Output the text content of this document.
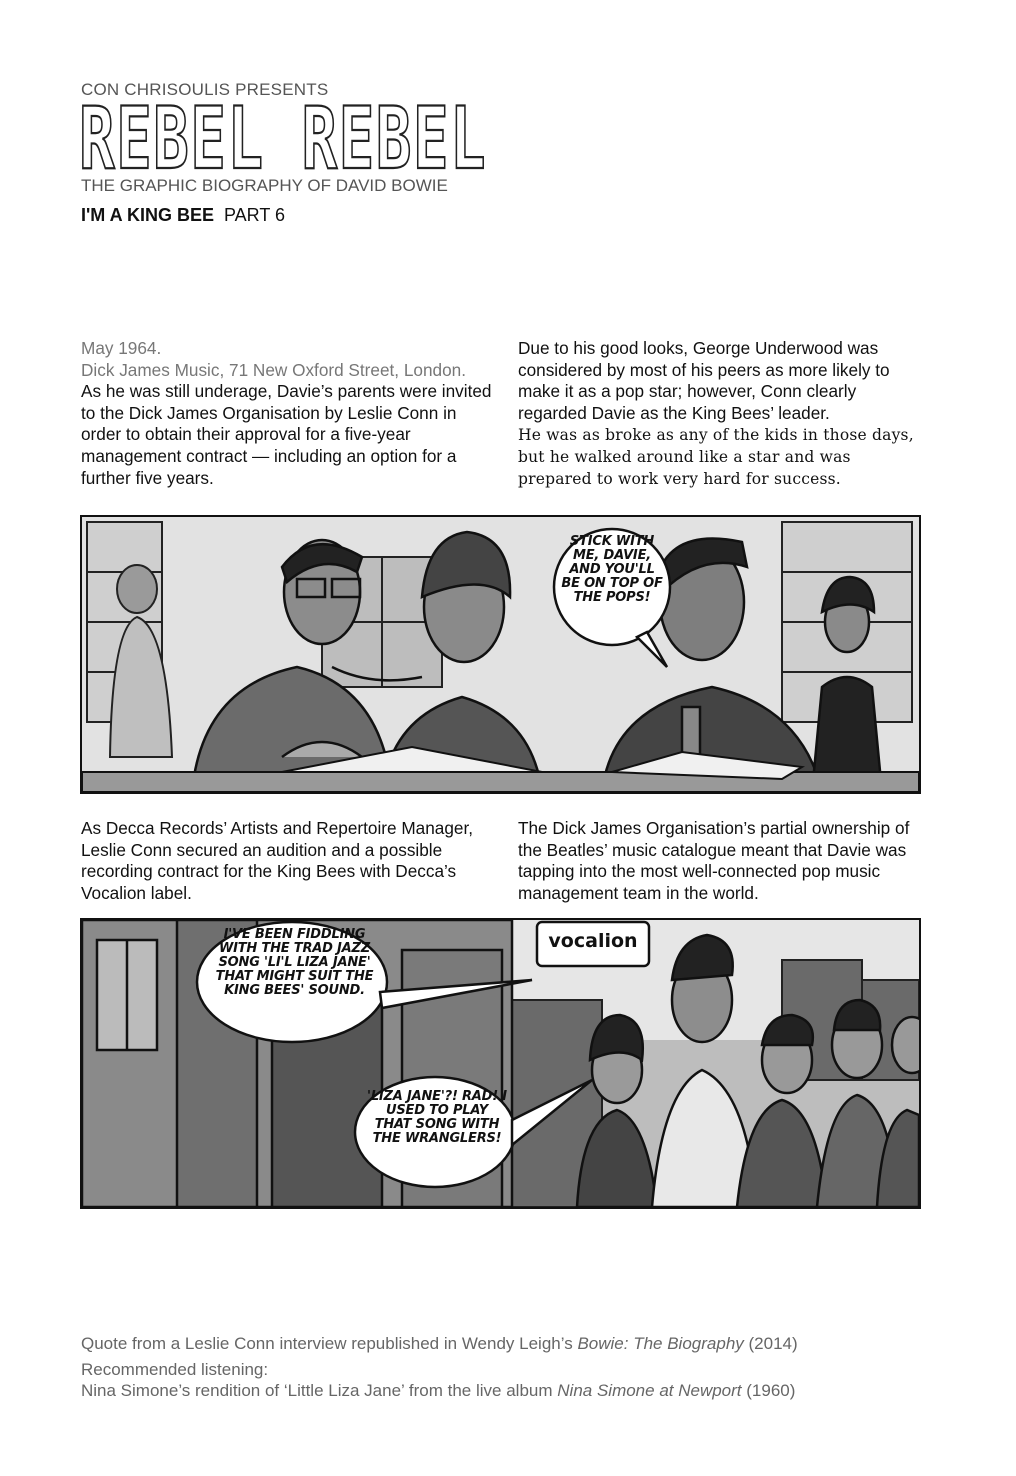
CON CHRISOULIS PRESENTS
REBEL REBEL
THE GRAPHIC BIOGRAPHY OF DAVID BOWIE
I'M A KING BEE PART 6
May 1964.
Dick James Music, 71 New Oxford Street, London.
As he was still underage, Davie’s parents were invited to the Dick James Organisation by Leslie Conn in order to obtain their approval for a five-year management contract — including an option for a further five years.
Due to his good looks, George Underwood was considered by most of his peers as more likely to make it as a pop star; however, Conn clearly regarded Davie as the King Bees’ leader.
He was as broke as any of the kids in those days, but he walked around like a star and was prepared to work very hard for success.
STICK WITH ME, DAVIE, AND YOU'LL BE ON TOP OF THE POPS!
As Decca Records’ Artists and Repertoire Manager, Leslie Conn secured an audition and a possible recording contract for the King Bees with Decca’s Vocalion label.
The Dick James Organisation’s partial ownership of the Beatles’ music catalogue meant that Davie was tapping into the most well-connected pop music management team in the world.
vocalion
I'VE BEEN FIDDLING WITH THE TRAD JAZZ SONG 'LI'L LIZA JANE' THAT MIGHT SUIT THE KING BEES' SOUND.
'LIZA JANE'?! RAD! I USED TO PLAY THAT SONG WITH THE WRANGLERS!
Quote from a Leslie Conn interview republished in Wendy Leigh’s Bowie: The Biography (2014)
Recommended listening:
Nina Simone’s rendition of ‘Little Liza Jane’ from the live album Nina Simone at Newport (1960)
